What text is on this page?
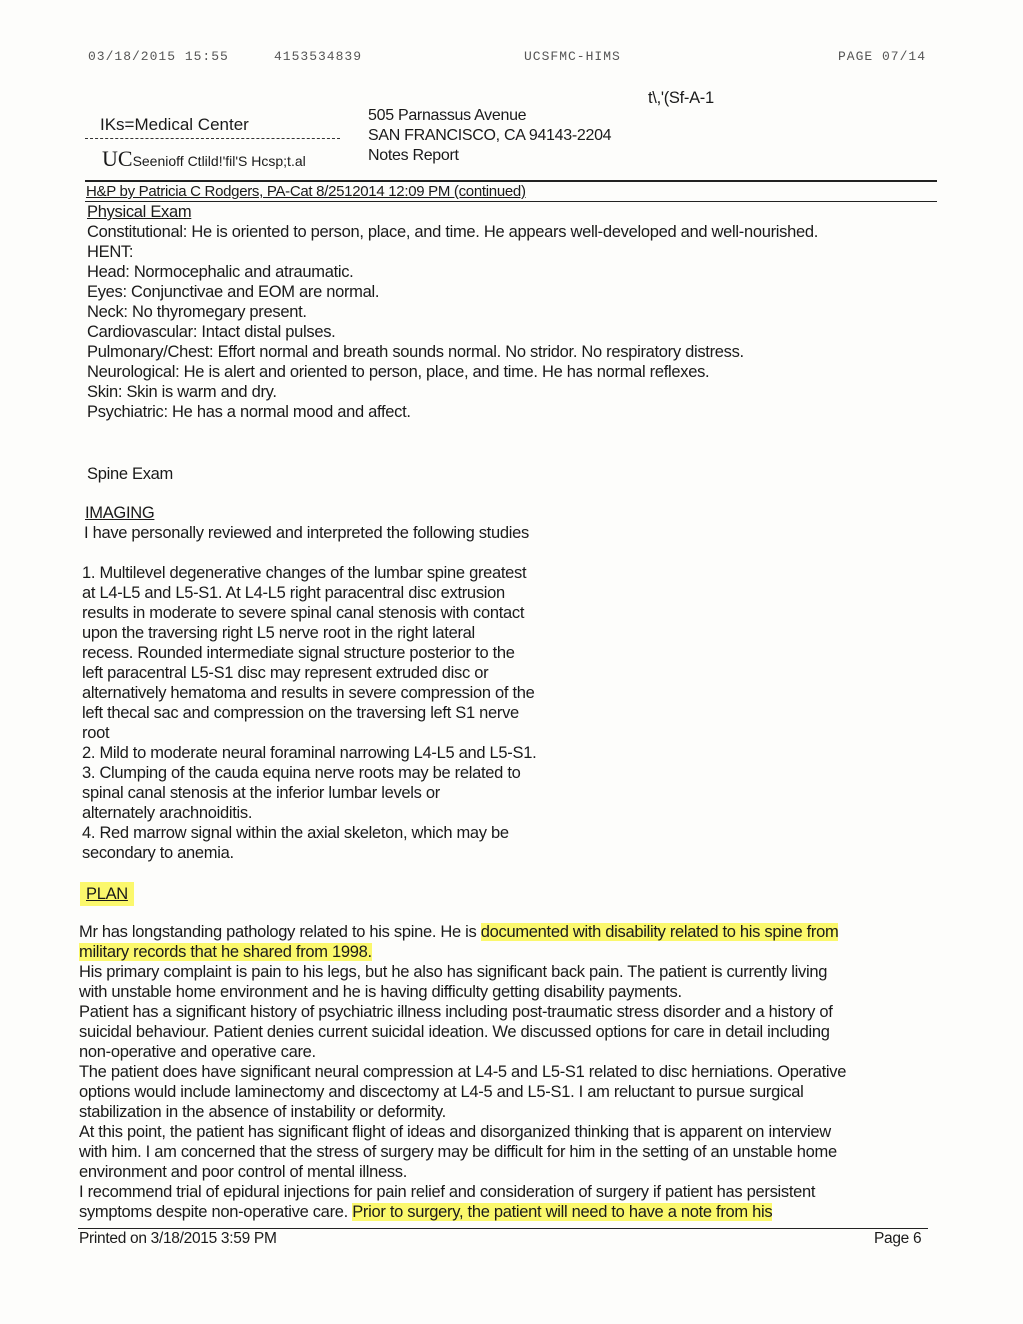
03/18/2015 15:55	4153534839	UCSFMC-HIMS	PAGE 07/14
IKs=Medical Center
UCSeenioff Ctlild!'fil'S Hcsp;t.al
505 Parnassus Avenue
SAN FRANCISCO, CA 94143-2204
Notes Report
t\,'(Sf-A-1
H&P by Patricia C Rodgers, PA-Cat 8/2512014 12:09 PM (continued)
Physical Exam
Constitutional: He is oriented to person, place, and time. He appears well-developed and well-nourished.
HENT:
Head: Normocephalic and atraumatic.
Eyes: Conjunctivae and EOM are normal.
Neck: No thyromegary present.
Cardiovascular: Intact distal pulses.
Pulmonary/Chest: Effort normal and breath sounds normal. No stridor. No respiratory distress.
Neurological: He is alert and oriented to person, place, and time. He has normal reflexes.
Skin: Skin is warm and dry.
Psychiatric: He has a normal mood and affect.
Spine Exam
IMAGING
I have personally reviewed and interpreted the following studies
1. Multilevel degenerative changes of the lumbar spine greatest
at L4-L5 and L5-S1. At L4-L5 right paracentral disc extrusion
results in moderate to severe spinal canal stenosis with contact
upon the traversing right L5 nerve root in the right lateral
recess. Rounded intermediate signal structure posterior to the
left paracentral L5-S1 disc may represent extruded disc or
alternatively hematoma and results in severe compression of the
left thecal sac and compression on the traversing left S1 nerve
root
2. Mild to moderate neural foraminal narrowing L4-L5 and L5-S1.
3. Clumping of the cauda equina nerve roots may be related to
spinal canal stenosis at the inferior lumbar levels or
alternately arachnoiditis.
4. Red marrow signal within the axial skeleton, which may be
secondary to anemia.
PLAN
Mr has longstanding pathology related to his spine. He is documented with disability related to his spine from
military records that he shared from 1998.
His primary complaint is pain to his legs, but he also has significant back pain. The patient is currently living
with unstable home environment and he is having difficulty getting disability payments.
Patient has a significant history of psychiatric illness including post-traumatic stress disorder and a history of
suicidal behaviour. Patient denies current suicidal ideation. We discussed options for care in detail including
non-operative and operative care.
The patient does have significant neural compression at L4-5 and L5-S1 related to disc herniations. Operative
options would include laminectomy and discectomy at L4-5 and L5-S1. I am reluctant to pursue surgical
stabilization in the absence of instability or deformity.
At this point, the patient has significant flight of ideas and disorganized thinking that is apparent on interview
with him. I am concerned that the stress of surgery may be difficult for him in the setting of an unstable home
environment and poor control of mental illness.
I recommend trial of epidural injections for pain relief and consideration of surgery if patient has persistent
symptoms despite non-operative care. Prior to surgery, the patient will need to have a note from his
Printed on 3/18/2015 3:59 PM	Page 6
